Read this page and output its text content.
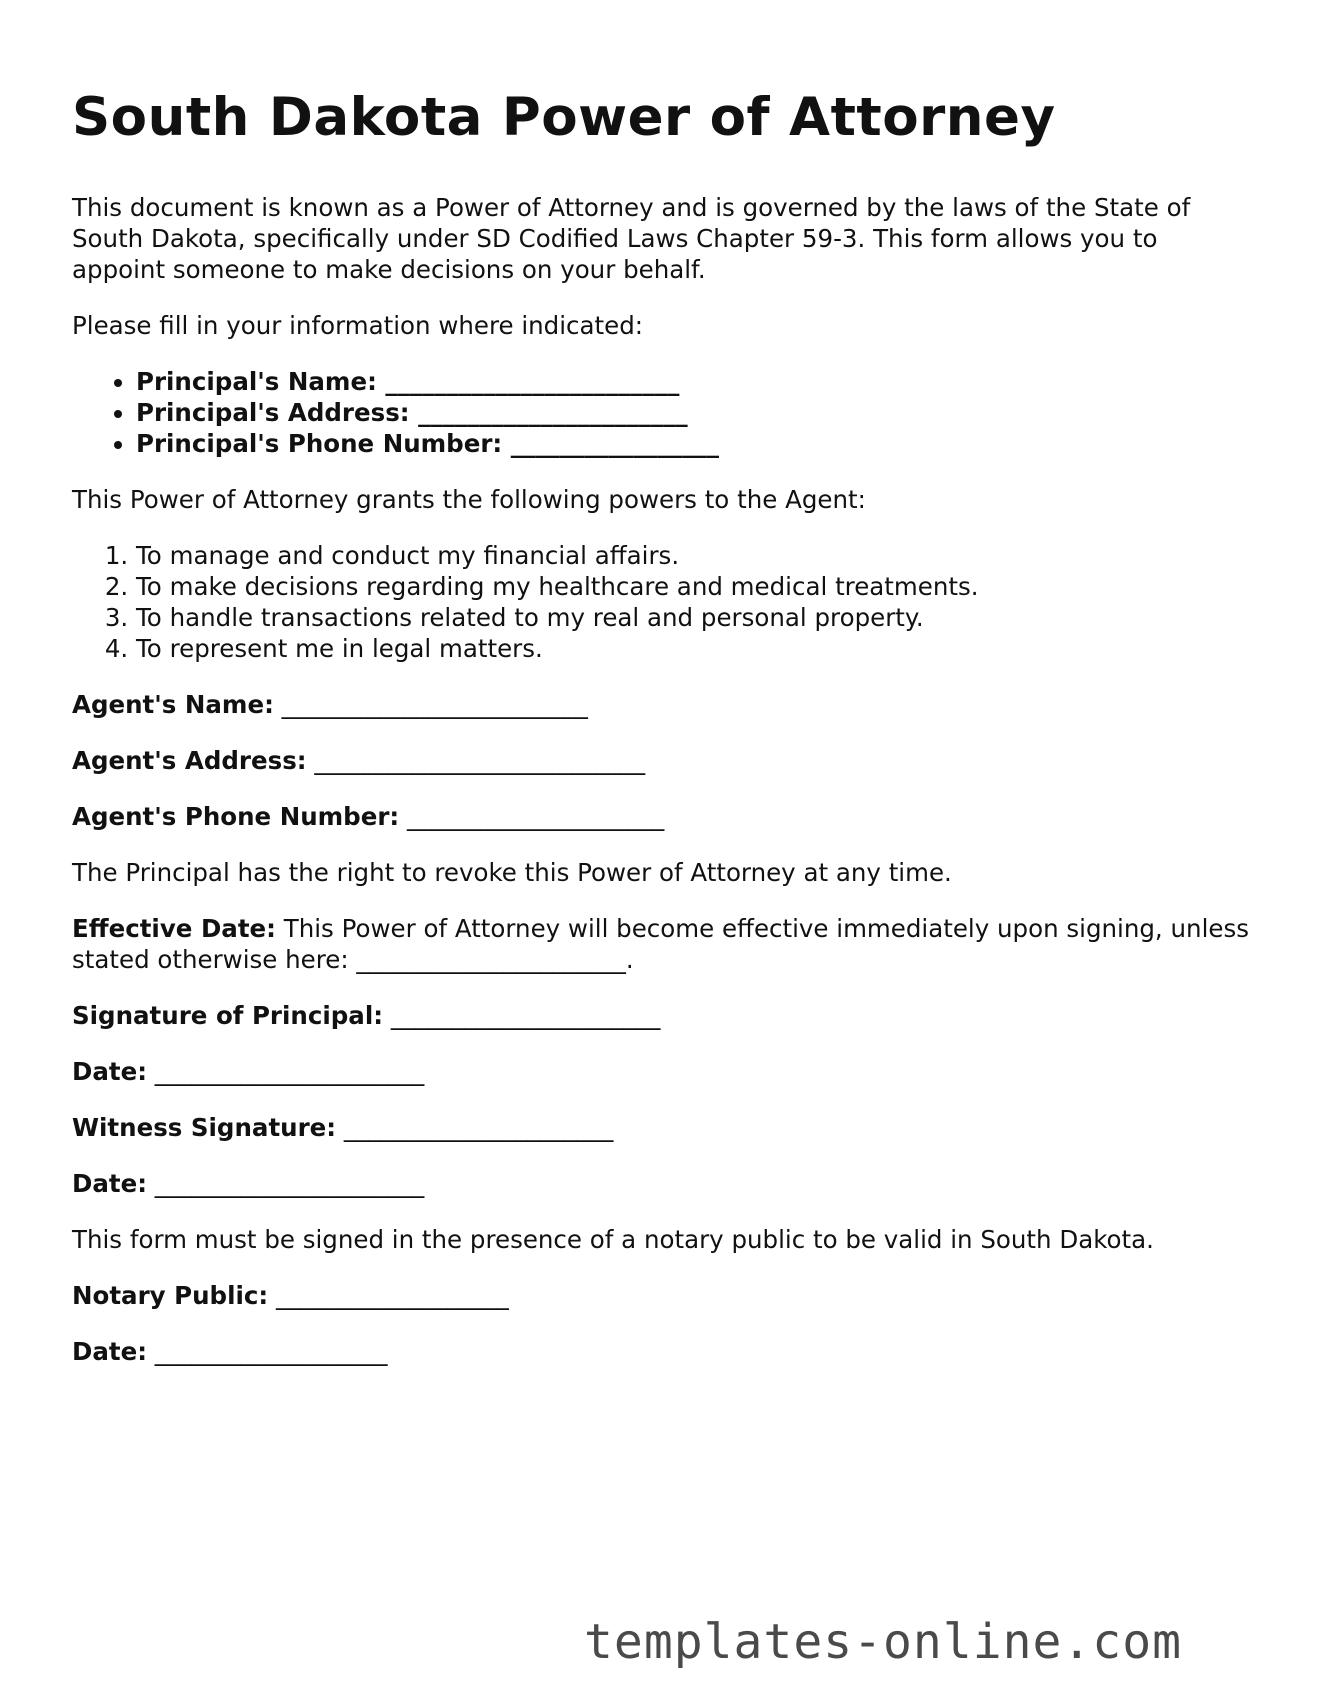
South Dakota Power of Attorney

This document is known as a Power of Attorney and is governed by the laws of the State of South Dakota, specifically under SD Codified Laws Chapter 59-3. This form allows you to appoint someone to make decisions on your behalf.

Please fill in your information where indicated:

• Principal's Name: ________________________
• Principal's Address: ______________________
• Principal's Phone Number: _________________

This Power of Attorney grants the following powers to the Agent:

1. To manage and conduct my financial affairs.
2. To make decisions regarding my healthcare and medical treatments.
3. To handle transactions related to my real and personal property.
4. To represent me in legal matters.

Agent's Name: _________________________

Agent's Address: ___________________________

Agent's Phone Number: _____________________

The Principal has the right to revoke this Power of Attorney at any time.

Effective Date: This Power of Attorney will become effective immediately upon signing, unless stated otherwise here: ______________________.

Signature of Principal: ______________________

Date: ______________________

Witness Signature: ______________________

Date: ______________________

This form must be signed in the presence of a notary public to be valid in South Dakota.

Notary Public: ___________________

Date: ___________________

templates-online.com
